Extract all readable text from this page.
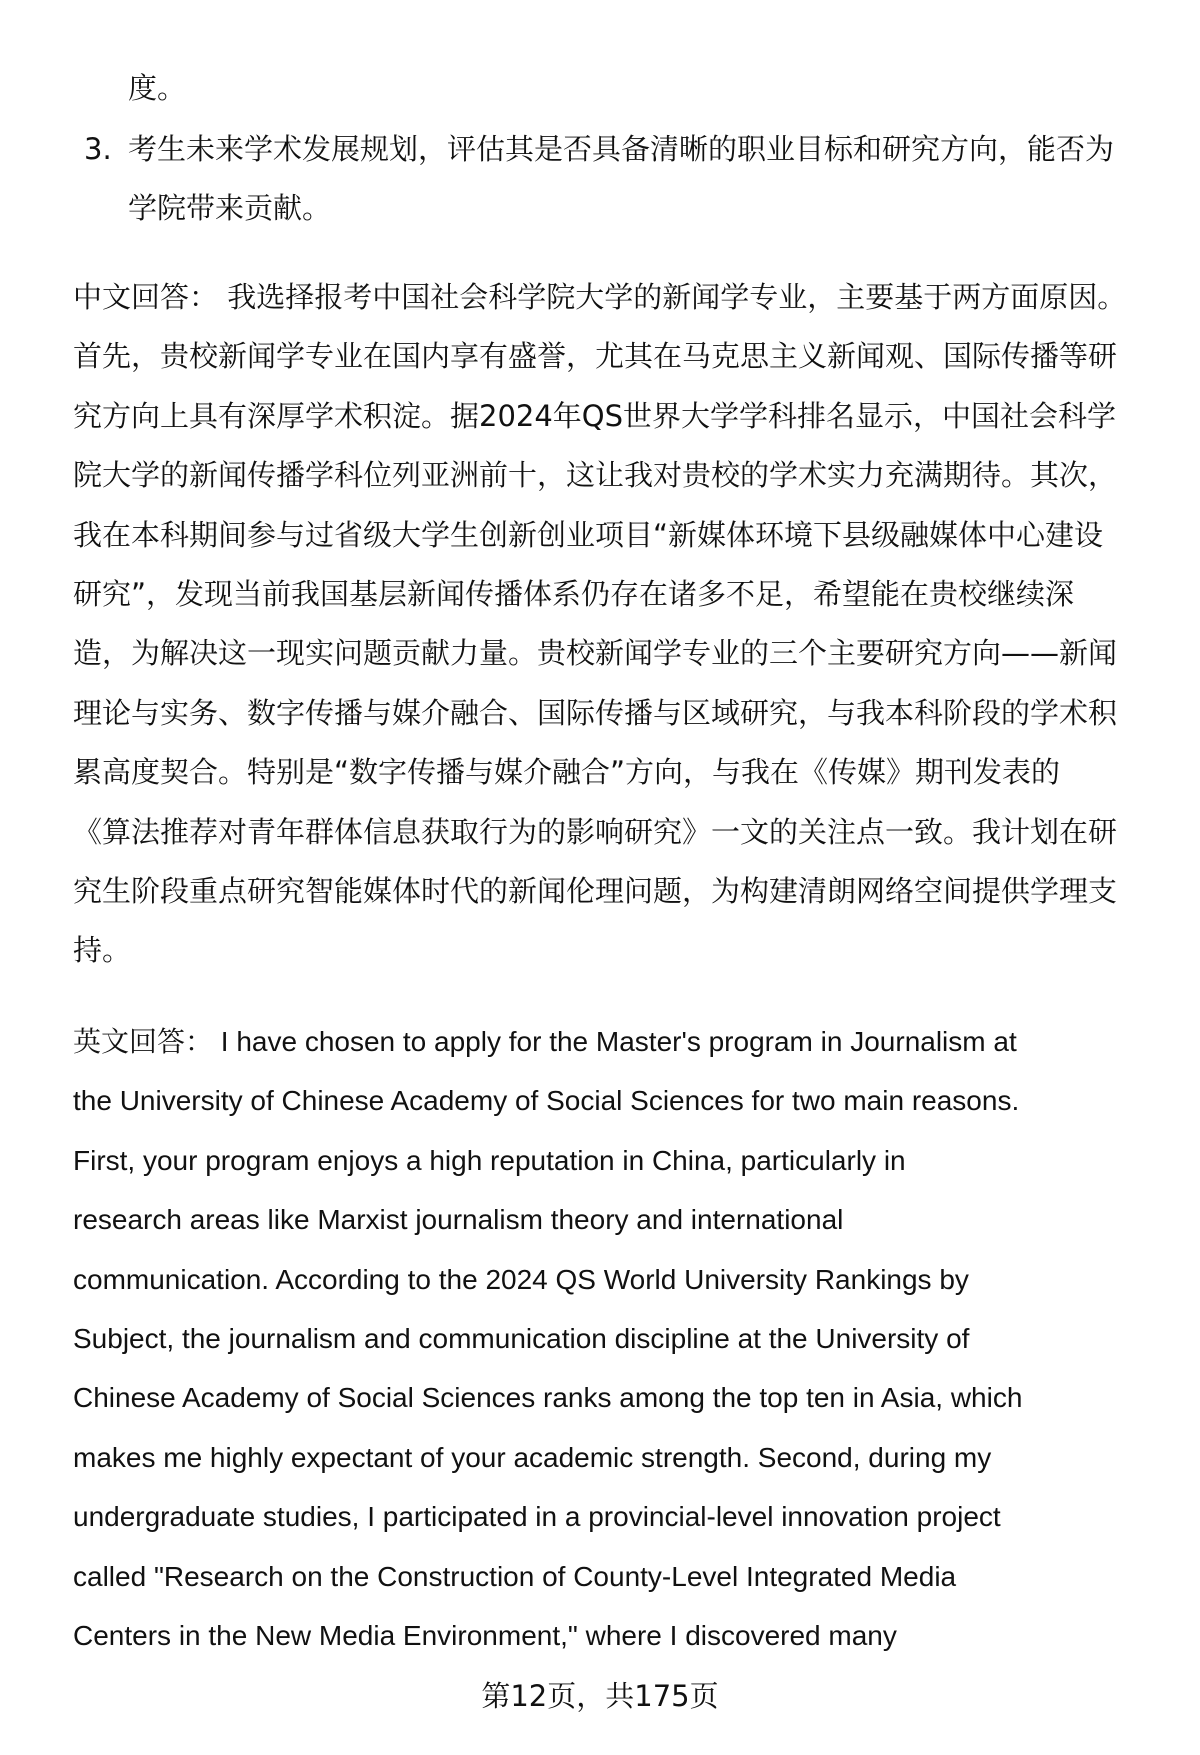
度。
3. 考生未来学术发展规划，评估其是否具备清晰的职业目标和研究方向，能否为
学院带来贡献。
中文回答： 我选择报考中国社会科学院大学的新闻学专业，主要基于两方面原因。
首先，贵校新闻学专业在国内享有盛誉，尤其在马克思主义新闻观、国际传播等研
究方向上具有深厚学术积淀。据2024年QS世界大学学科排名显示，中国社会科学
院大学的新闻传播学科位列亚洲前十，这让我对贵校的学术实力充满期待。其次，
我在本科期间参与过省级大学生创新创业项目“新媒体环境下县级融媒体中心建设
研究”，发现当前我国基层新闻传播体系仍存在诸多不足，希望能在贵校继续深
造，为解决这一现实问题贡献力量。贵校新闻学专业的三个主要研究方向——新闻
理论与实务、数字传播与媒介融合、国际传播与区域研究，与我本科阶段的学术积
累高度契合。特别是“数字传播与媒介融合”方向，与我在《传媒》期刊发表的
《算法推荐对青年群体信息获取行为的影响研究》一文的关注点一致。我计划在研
究生阶段重点研究智能媒体时代的新闻伦理问题，为构建清朗网络空间提供学理支
持。
英文回答： I have chosen to apply for the Master's program in Journalism at
the University of Chinese Academy of Social Sciences for two main reasons.
First, your program enjoys a high reputation in China, particularly in
research areas like Marxist journalism theory and international
communication. According to the 2024 QS World University Rankings by
Subject, the journalism and communication discipline at the University of
Chinese Academy of Social Sciences ranks among the top ten in Asia, which
makes me highly expectant of your academic strength. Second, during my
undergraduate studies, I participated in a provincial-level innovation project
called "Research on the Construction of County-Level Integrated Media
Centers in the New Media Environment," where I discovered many
第12页，共175页
